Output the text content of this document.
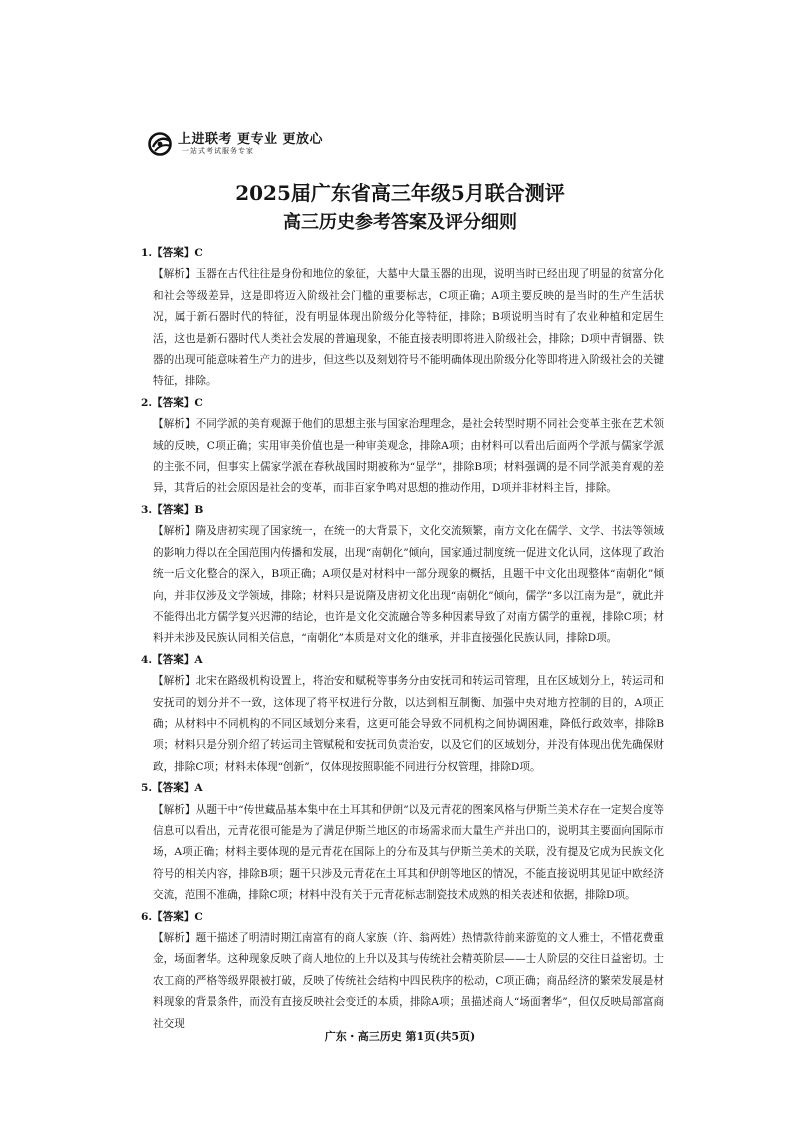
上进联考 更专业 更放心
一站式考试服务专家
2025届广东省高三年级5月联合测评
高三历史参考答案及评分细则
1.【答案】C

【解析】玉器在古代往往是身份和地位的象征，大墓中大量玉器的出现，说明当时已经出现了明显的贫富分化和社会等级差异，这是即将迈入阶级社会门槛的重要标志，C项正确；A项主要反映的是当时的生产生活状况，属于新石器时代的特征，没有明显体现出阶级分化等特征，排除；B项说明当时有了农业种植和定居生活，这也是新石器时代人类社会发展的普遍现象，不能直接表明即将进入阶级社会，排除；D项中青铜器、铁器的出现可能意味着生产力的进步，但这些以及刻划符号不能明确体现出阶级分化等即将进入阶级社会的关键特征，排除。

2.【答案】C

【解析】不同学派的美育观源于他们的思想主张与国家治理理念，是社会转型时期不同社会变革主张在艺术领域的反映，C项正确；实用审美价值也是一种审美观念，排除A项；由材料可以看出后面两个学派与儒家学派的主张不同，但事实上儒家学派在春秋战国时期被称为“显学”，排除B项；材料强调的是不同学派美育观的差异，其背后的社会原因是社会的变革，而非百家争鸣对思想的推动作用，D项并非材料主旨，排除。

3.【答案】B

【解析】隋及唐初实现了国家统一，在统一的大背景下，文化交流频繁，南方文化在儒学、文学、书法等领域的影响力得以在全国范围内传播和发展，出现“南朝化”倾向，国家通过制度统一促进文化认同，这体现了政治统一后文化整合的深入，B项正确；A项仅是对材料中一部分现象的概括，且题干中文化出现整体“南朝化”倾向，并非仅涉及文学领域，排除；材料只是说隋及唐初文化出现“南朝化”倾向，儒学“多以江南为是”，就此并不能得出北方儒学复兴迟滞的结论，也许是文化交流融合等多种因素导致了对南方儒学的重视，排除C项；材料并未涉及民族认同相关信息，“南朝化”本质是对文化的继承，并非直接强化民族认同，排除D项。

4.【答案】A

【解析】北宋在路级机构设置上，将治安和赋税等事务分由安抚司和转运司管理，且在区域划分上，转运司和安抚司的划分并不一致，这体现了将平权进行分散，以达到相互制衡、加强中央对地方控制的目的，A项正确；从材料中不同机构的不同区域划分来看，这更可能会导致不同机构之间协调困难，降低行政效率，排除B项；材料只是分别介绍了转运司主管赋税和安抚司负责治安，以及它们的区域划分，并没有体现出优先确保财政，排除C项；材料未体现“创新”，仅体现按照职能不同进行分权管理，排除D项。

5.【答案】A

【解析】从题干中“传世藏品基本集中在土耳其和伊朗”以及元青花的图案风格与伊斯兰美术存在一定契合度等信息可以看出，元青花很可能是为了满足伊斯兰地区的市场需求而大量生产并出口的，说明其主要面向国际市场，A项正确；材料主要体现的是元青花在国际上的分布及其与伊斯兰美术的关联，没有提及它成为民族文化符号的相关内容，排除B项；题干只涉及元青花在土耳其和伊朗等地区的情况，不能直接说明其见证中欧经济交流，范围不准确，排除C项；材料中没有关于元青花标志制瓷技术成熟的相关表述和依据，排除D项。

6.【答案】C

【解析】题干描述了明清时期江南富有的商人家族（许、翁两姓）热情款待前来游览的文人雅士，不惜花费重金，场面奢华。这种现象反映了商人地位的上升以及其与传统社会精英阶层——士人阶层的交往日益密切。士农工商的严格等级界限被打破，反映了传统社会结构中四民秩序的松动，C项正确；商品经济的繁荣发展是材料现象的背景条件，而没有直接反映社会变迁的本质，排除A项；虽描述商人“场面奢华”，但仅反映局部富商社交现

广东・高三历史 第1页(共5页)
